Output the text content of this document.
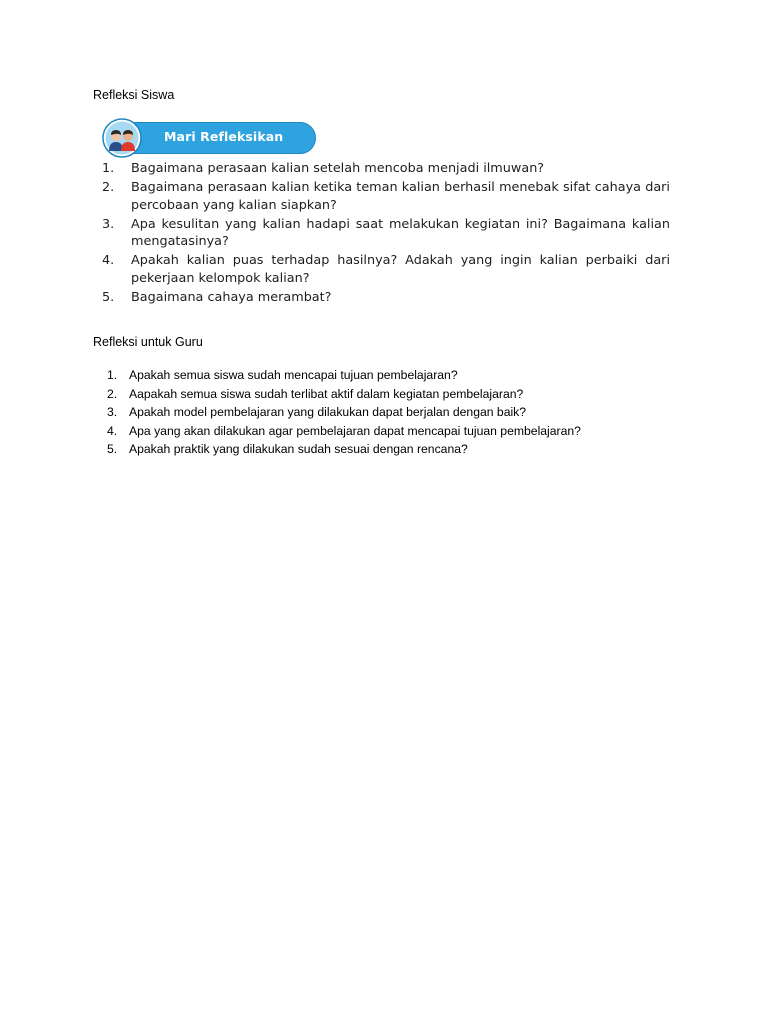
Refleksi Siswa
Mari Refleksikan
1. Bagaimana perasaan kalian setelah mencoba menjadi ilmuwan?
2. Bagaimana perasaan kalian ketika teman kalian berhasil menebak sifat cahaya dari percobaan yang kalian siapkan?
3. Apa kesulitan yang kalian hadapi saat melakukan kegiatan ini? Bagaimana kalian mengatasinya?
4. Apakah kalian puas terhadap hasilnya? Adakah yang ingin kalian perbaiki dari pekerjaan kelompok kalian?
5. Bagaimana cahaya merambat?
Refleksi untuk Guru
1. Apakah semua siswa sudah mencapai tujuan pembelajaran?
2. Aapakah semua siswa sudah terlibat aktif dalam kegiatan pembelajaran?
3. Apakah model pembelajaran yang dilakukan dapat berjalan dengan baik?
4. Apa yang akan dilakukan agar pembelajaran dapat mencapai tujuan pembelajaran?
5. Apakah praktik yang dilakukan sudah sesuai dengan rencana?
